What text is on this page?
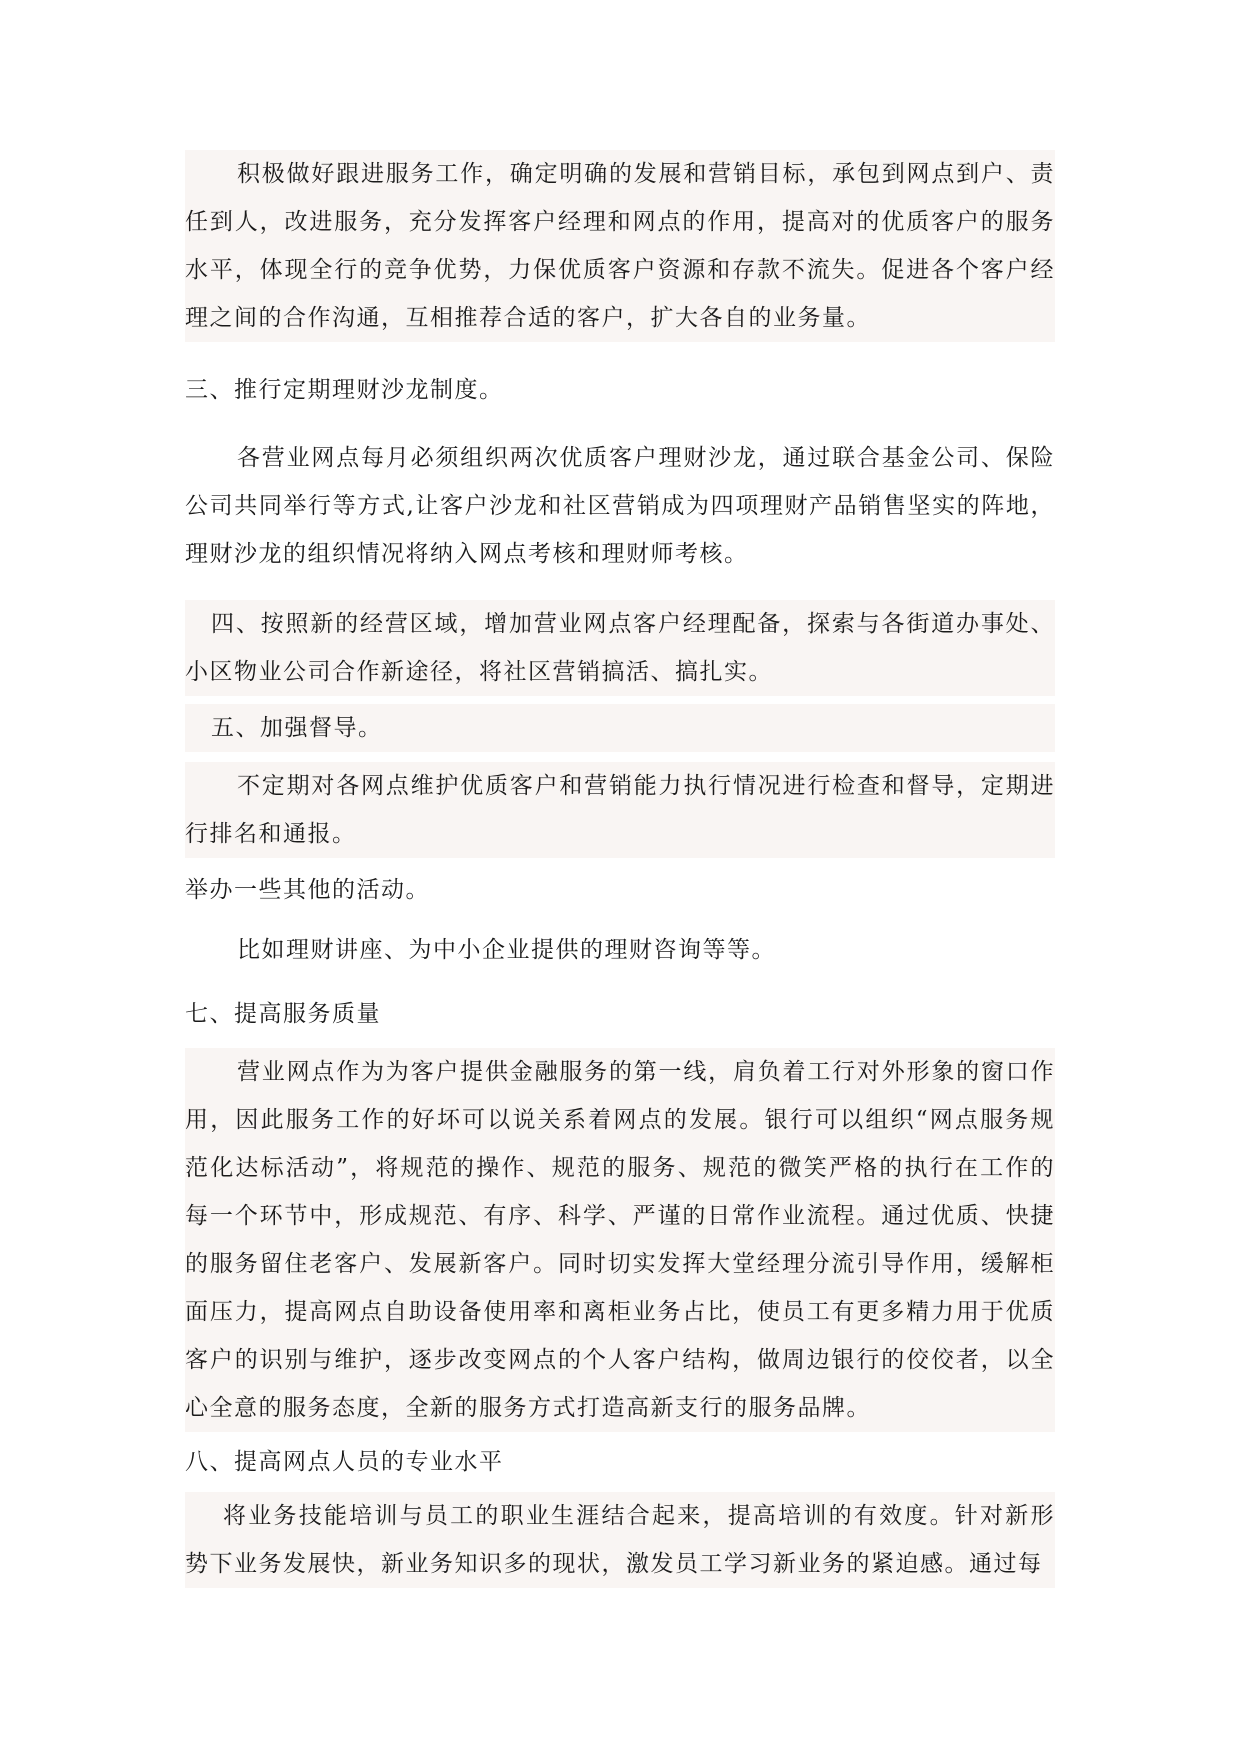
积极做好跟进服务工作，确定明确的发展和营销目标，承包到网点到户、责任到人，改进服务，充分发挥客户经理和网点的作用，提高对的优质客户的服务水平，体现全行的竞争优势，力保优质客户资源和存款不流失。促进各个客户经理之间的合作沟通，互相推荐合适的客户，扩大各自的业务量。

三、推行定期理财沙龙制度。

各营业网点每月必须组织两次优质客户理财沙龙，通过联合基金公司、保险公司共同举行等方式,让客户沙龙和社区营销成为四项理财产品销售坚实的阵地，理财沙龙的组织情况将纳入网点考核和理财师考核。

四、按照新的经营区域，增加营业网点客户经理配备，探索与各街道办事处、小区物业公司合作新途径，将社区营销搞活、搞扎实。

五、加强督导。

不定期对各网点维护优质客户和营销能力执行情况进行检查和督导，定期进行排名和通报。

举办一些其他的活动。

比如理财讲座、为中小企业提供的理财咨询等等。

七、提高服务质量

营业网点作为为客户提供金融服务的第一线，肩负着工行对外形象的窗口作用，因此服务工作的好坏可以说关系着网点的发展。银行可以组织“网点服务规范化达标活动”，将规范的操作、规范的服务、规范的微笑严格的执行在工作的每一个环节中，形成规范、有序、科学、严谨的日常作业流程。通过优质、快捷的服务留住老客户、发展新客户。同时切实发挥大堂经理分流引导作用，缓解柜面压力，提高网点自助设备使用率和离柜业务占比，使员工有更多精力用于优质客户的识别与维护，逐步改变网点的个人客户结构，做周边银行的佼佼者，以全心全意的服务态度，全新的服务方式打造高新支行的服务品牌。

八、提高网点人员的专业水平

将业务技能培训与员工的职业生涯结合起来，提高培训的有效度。针对新形势下业务发展快，新业务知识多的现状，激发员工学习新业务的紧迫感。通过每
